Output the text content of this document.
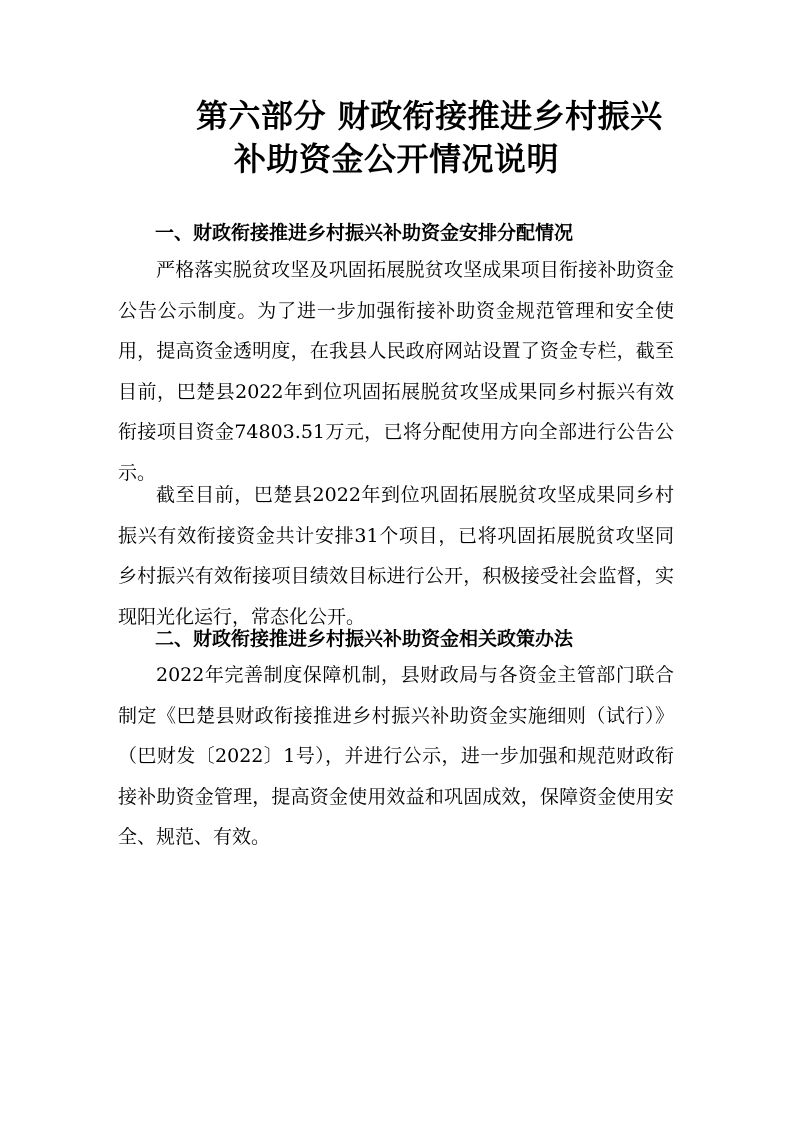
第六部分 财政衔接推进乡村振兴
补助资金公开情况说明
一、财政衔接推进乡村振兴补助资金安排分配情况

严格落实脱贫攻坚及巩固拓展脱贫攻坚成果项目衔接补助资金公告公示制度。为了进一步加强衔接补助资金规范管理和安全使用，提高资金透明度，在我县人民政府网站设置了资金专栏，截至目前，巴楚县2022年到位巩固拓展脱贫攻坚成果同乡村振兴有效衔接项目资金74803.51万元，已将分配使用方向全部进行公告公示。

截至目前，巴楚县2022年到位巩固拓展脱贫攻坚成果同乡村振兴有效衔接资金共计安排31个项目，已将巩固拓展脱贫攻坚同乡村振兴有效衔接项目绩效目标进行公开，积极接受社会监督，实现阳光化运行，常态化公开。

二、财政衔接推进乡村振兴补助资金相关政策办法

2022年完善制度保障机制，县财政局与各资金主管部门联合制定《巴楚县财政衔接推进乡村振兴补助资金实施细则（试行）》（巴财发〔2022〕1号），并进行公示，进一步加强和规范财政衔接补助资金管理，提高资金使用效益和巩固成效，保障资金使用安全、规范、有效。
